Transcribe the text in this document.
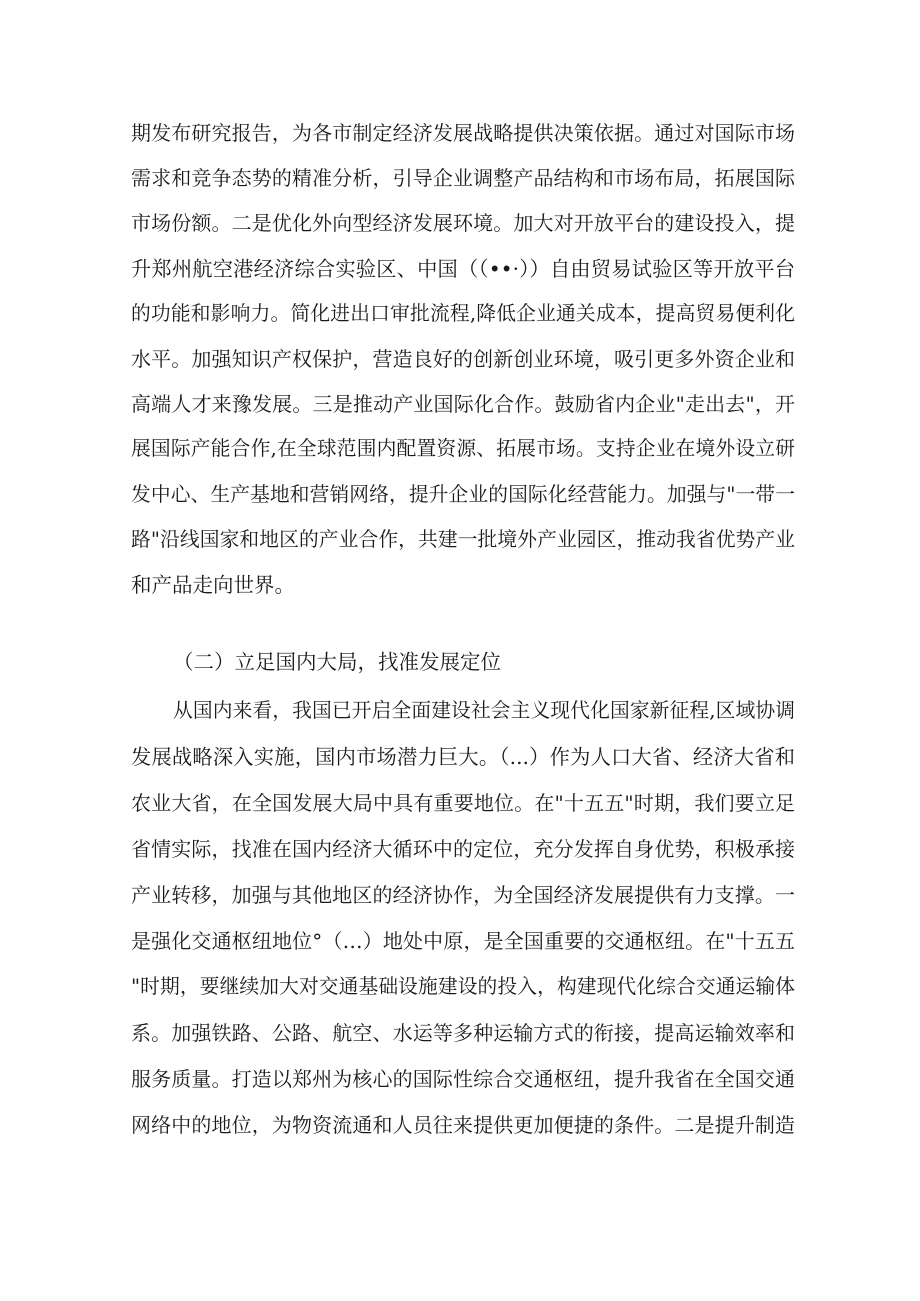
期发布研究报告，为各市制定经济发展战略提供决策依据。通过对国际市场
需求和竞争态势的精准分析，引导企业调整产品结构和市场布局，拓展国际
市场份额。二是优化外向型经济发展环境。加大对开放平台的建设投入，提
升郑州航空港经济综合实验区、中国（（••·））自由贸易试验区等开放平台
的功能和影响力。简化进出口审批流程,降低企业通关成本，提高贸易便利化
水平。加强知识产权保护，营造良好的创新创业环境，吸引更多外资企业和
高端人才来豫发展。三是推动产业国际化合作。鼓励省内企业"走出去"，开
展国际产能合作,在全球范围内配置资源、拓展市场。支持企业在境外设立研
发中心、生产基地和营销网络，提升企业的国际化经营能力。加强与"一带一
路"沿线国家和地区的产业合作，共建一批境外产业园区，推动我省优势产业
和产品走向世界。
（二）立足国内大局，找准发展定位
从国内来看，我国已开启全面建设社会主义现代化国家新征程,区域协调
发展战略深入实施，国内市场潜力巨大。（...）作为人口大省、经济大省和
农业大省，在全国发展大局中具有重要地位。在"十五五"时期，我们要立足
省情实际，找准在国内经济大循环中的定位，充分发挥自身优势，积极承接
产业转移，加强与其他地区的经济协作，为全国经济发展提供有力支撑。一
是强化交通枢纽地位°（…）地处中原，是全国重要的交通枢纽。在"十五五
"时期，要继续加大对交通基础设施建设的投入，构建现代化综合交通运输体
系。加强铁路、公路、航空、水运等多种运输方式的衔接，提高运输效率和
服务质量。打造以郑州为核心的国际性综合交通枢纽，提升我省在全国交通
网络中的地位，为物资流通和人员往来提供更加便捷的条件。二是提升制造
